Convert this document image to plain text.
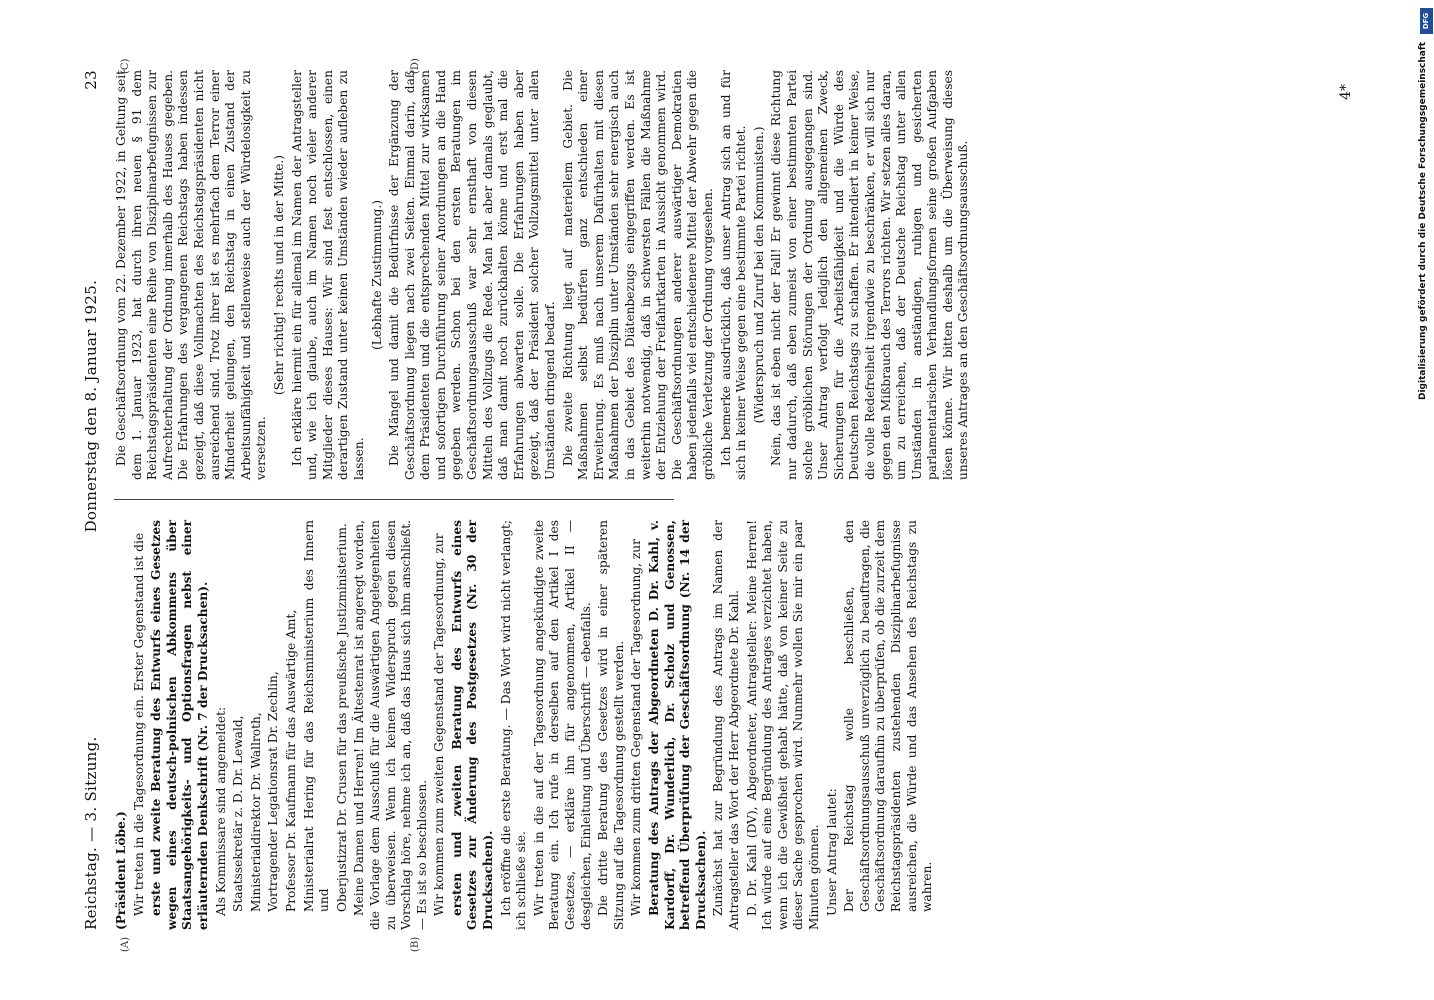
Reichstag. — 3. Sitzung.
Donnerstag den 8. Januar 1925.  23

(Präsident Löbe.) Wir treten in die Tagesordnung ein. Erster Gegenstand ist die erste und zweite Beratung des Entwurfs eines Gesetzes wegen eines deutsch-polnischen Abkommens über Staatsangehörigkeits- und Optionsfragen nebst einer erläuternden Denkschrift (Nr. 7 der Drucksachen). Als Kommissare sind angemeldet: Staatssekretär z. D. Dr. Lewald, Ministerialdirektor Dr. Wallroth, Vortragender Legationsrat Dr. Zechlin, Professor Dr. Kaufmann für das Auswärtige Amt, Ministerialrat Hering für das Reichsministerium des Innern und Oberjustizrat Dr. Crusen für das preußische Justizministerium. Meine Damen und Herren! Im Ältestenrat ist angeregt worden, die Vorlage dem Ausschuß für die Auswärtigen Angelegenheiten zu überweisen. Wenn ich keinen Widerspruch gegen diesen Vorschlag höre, nehme ich an, daß das Haus sich ihm anschließt. — Es ist so beschlossen. Wir kommen zum zweiten Gegenstand der Tagesordnung, zur ersten und zweiten Beratung des Entwurfs eines Gesetzes zur Änderung des Postgesetzes (Nr. 30 der Drucksachen). Ich eröffne die erste Beratung. — Das Wort wird nicht verlangt; ich schließe sie. Wir treten in die auf der Tagesordnung angekündigte zweite Beratung ein. Ich rufe in derselben auf den Artikel I des Gesetzes, — erkläre ihn für angenommen, Artikel II — desgleichen, Einleitung und Überschrift — ebenfalls. Die dritte Beratung des Gesetzes wird in einer späteren Sitzung auf die Tagesordnung gestellt werden. Wir kommen zum dritten Gegenstand der Tagesordnung, zur Beratung des Antrags der Abgeordneten D. Dr. Kahl, v. Kardorff, Dr. Wunderlich, Dr. Scholz und Genossen, betreffend Überprüfung der Geschäftsordnung (Nr. 14 der Drucksachen). Zunächst hat zur Begründung des Antrags im Namen der Antragsteller das Wort der Herr Abgeordnete Dr. Kahl. D. Dr. Kahl (DV), Abgeordneter, Antragsteller: Meine Herren! Ich würde auf eine Begründung des Antrages verzichtet haben, wenn ich die Gewißheit gehabt hätte, daß von keiner Seite zu dieser Sache gesprochen wird. Nunmehr wollen Sie mir ein paar Minuten gönnen. Unser Antrag lautet: Der Reichstag wolle beschließen, den Geschäftsordnungsausschuß unverzüglich zu beauftragen, die Geschäftsordnung daraufhin zu überprüfen, ob die zurzeit dem Reichstagspräsidenten zustehenden Disziplinarbefugnisse ausreichen, die Würde und das Ansehen des Reichstags zu wahren.

Die Geschäftsordnung vom 22. Dezember 1922, in Geltung seit dem 1. Januar 1923, hat durch ihren neuen § 91 dem Reichstagspräsidenten eine Reihe von Disziplinarbefugnissen zur Aufrechterhaltung der Ordnung innerhalb des Hauses gegeben. Die Erfahrungen des vergangenen Reichstags haben indessen gezeigt, daß diese Vollmachten des Reichstagspräsidenten nicht ausreichend sind. Trotz ihrer ist es mehrfach dem Terror einer Minderheit gelungen, den Reichstag in einen Zustand der Arbeitsunfähigkeit und stellenweise auch der Würdelosigkeit zu versetzen.

(Sehr richtig! rechts und in der Mitte.) Ich erkläre hiermit ein für allemal im Namen der Antragsteller und, wie ich glaube, auch im Namen noch vieler anderer Mitglieder dieses Hauses: Wir sind fest entschlossen, einen derartigen Zustand unter keinen Umständen wieder aufleben zu lassen.

(Lebhafte Zustimmung.) Die Mängel und damit die Bedürfnisse der Ergänzung der Geschäftsordnung liegen nach zwei Seiten. Einmal darin, daß dem Präsidenten und die entsprechenden Mittel zur wirksamen und sofortigen Durchführung seiner Anordnungen an die Hand gegeben werden. Schon bei den ersten Beratungen im Geschäftsordnungsausschuß war sehr ernsthaft von diesen Mitteln des Vollzugs die Rede. Man hat aber damals geglaubt, daß man damit noch zurückhalten könne und erst mal die Erfahrungen abwarten solle. Die Erfahrungen haben aber gezeigt, daß der Präsident solcher Vollzugsmittel unter allen Umständen dringend bedarf. Die zweite Richtung liegt auf materiellem Gebiet. Die Maßnahmen selbst bedürfen ganz entschieden einer Erweiterung. Es muß nach unserem Dafürhalten mit diesen Maßnahmen der Disziplin unter Umständen sehr energisch auch in das Gebiet des Diätenbezugs eingegriffen werden. Es ist weiterhin notwendig, daß in schwersten Fällen die Maßnahme der Entziehung der Freifahrtkarten in Aussicht genommen wird. Die Geschäftsordnungen anderer auswärtiger Demokratien haben jedenfalls viel entschiedenere Mittel der Abwehr gegen die gröbliche Verletzung der Ordnung vorgesehen. Ich bemerke ausdrücklich, daß unser Antrag sich an und für sich in keiner Weise gegen eine bestimmte Partei richtet. (Widerspruch und Zuruf bei den Kommunisten.) Nein, das ist eben nicht der Fall! Er gewinnt diese Richtung nur dadurch, daß eben zumeist von einer bestimmten Partei solche gröblichen Störungen der Ordnung ausgegangen sind. Unser Antrag verfolgt lediglich den allgemeinen Zweck, Sicherungen für die Arbeitsfähigkeit und die Würde des Deutschen Reichstags zu schaffen. Er intendiert in keiner Weise, die volle Redefreiheit irgendwie zu beschränken, er will sich nur gegen den Mißbrauch des Terrors richten. Wir setzen alles daran, um zu erreichen, daß der Deutsche Reichstag unter allen Umständen in anständigen, ruhigen und gesicherten parlamentarischen Verhandlungsformen seine großen Aufgaben lösen könne. Wir bitten deshalb um die Überweisung dieses unseres Antrages an den Geschäftsordnungsausschuß.

(A)	(B)
(C)	(D)
4*	Digitalisierung gefördert durch die Deutsche Forschungsgemeinschaft
DFG
